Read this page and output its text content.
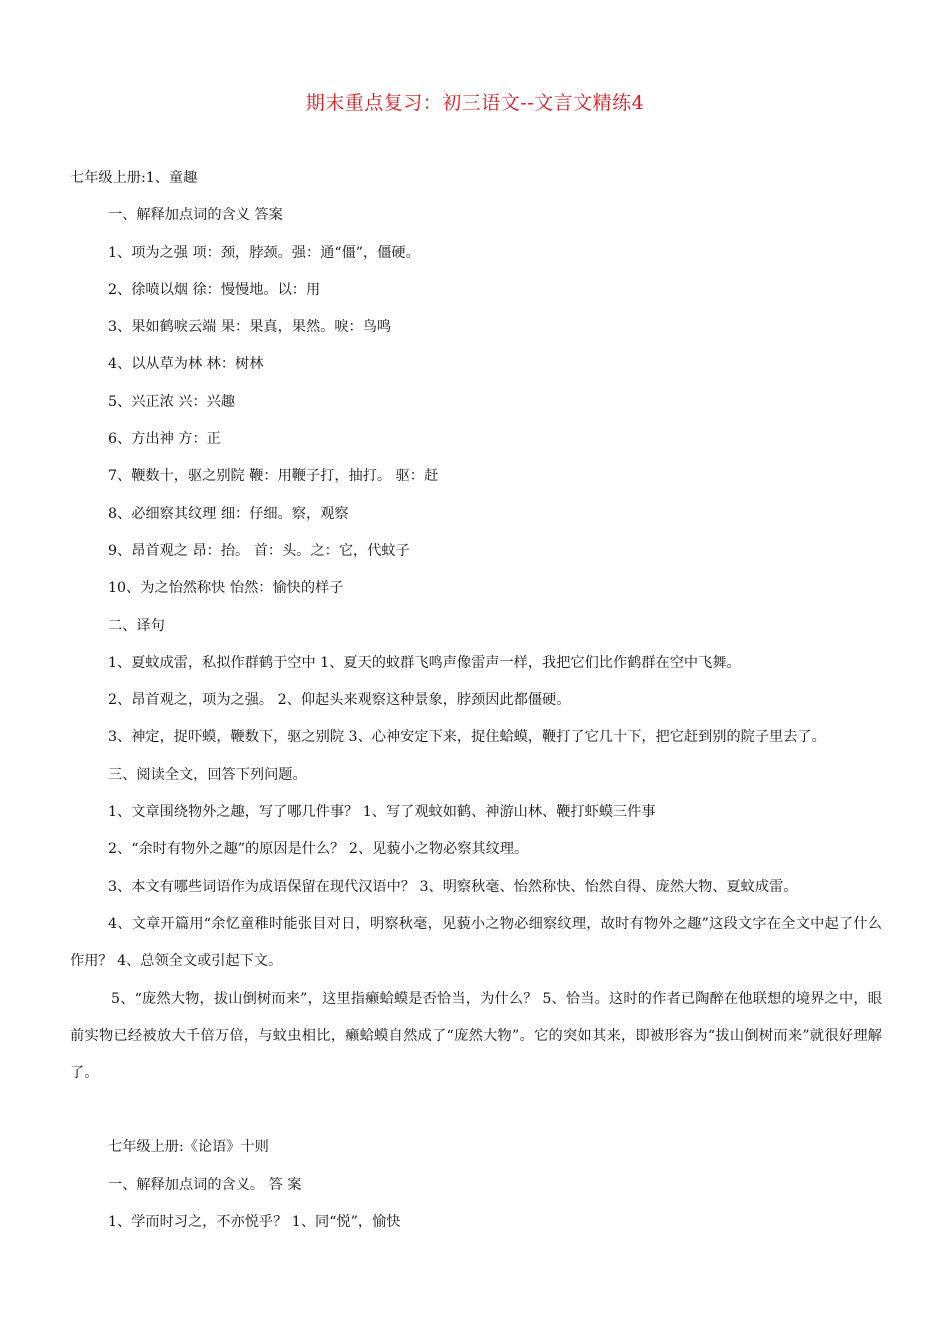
期末重点复习：初三语文--文言文精练4

七年级上册:1、童趣

一、解释加点词的含义 答案

1、项为之强 项：颈，脖颈。强：通“僵”，僵硬。

2、徐喷以烟 徐：慢慢地。以：用

3、果如鹤唳云端 果：果真，果然。唳：鸟鸣

4、以从草为林 林：树林

5、兴正浓 兴：兴趣

6、方出神 方：正

7、鞭数十，驱之别院 鞭：用鞭子打，抽打。 驱：赶

8、必细察其纹理 细：仔细。察，观察

9、昂首观之 昂：抬。 首：头。之：它，代蚊子

10、为之怡然称快 怡然：愉快的样子

二、译句

1、夏蚊成雷，私拟作群鹤于空中 1、夏天的蚊群飞鸣声像雷声一样，我把它们比作鹤群在空中飞舞。

2、昂首观之，项为之强。 2、仰起头来观察这种景象，脖颈因此都僵硬。

3、神定，捉吓蟆，鞭数下，驱之别院 3、心神安定下来，捉住蛤蟆，鞭打了它几十下，把它赶到别的院子里去了。

三、阅读全文，回答下列问题。

1、文章围绕物外之趣，写了哪几件事？ 1、写了观蚊如鹤、神游山林、鞭打虾蟆三件事

2、“余时有物外之趣”的原因是什么？ 2、见藐小之物必察其纹理。

3、本文有哪些词语作为成语保留在现代汉语中？ 3、明察秋毫、怡然称快、怡然自得、庞然大物、夏蚊成雷。

4、文章开篇用“余忆童稚时能张目对日，明察秋毫，见藐小之物必细察纹理，故时有物外之趣”这段文字在全文中起了什么作用？ 4、总领全文或引起下文。

5、“庞然大物，拔山倒树而来”，这里指癞蛤蟆是否恰当，为什么？ 5、恰当。这时的作者已陶醉在他联想的境界之中，眼前实物已经被放大千倍万倍，与蚊虫相比，癞蛤蟆自然成了“庞然大物”。它的突如其来，即被形容为“拔山倒树而来”就很好理解了。

七年级上册:《论语》十则

一、解释加点词的含义。 答 案

1、学而时习之，不亦悦乎？ 1、同“悦”，愉快
